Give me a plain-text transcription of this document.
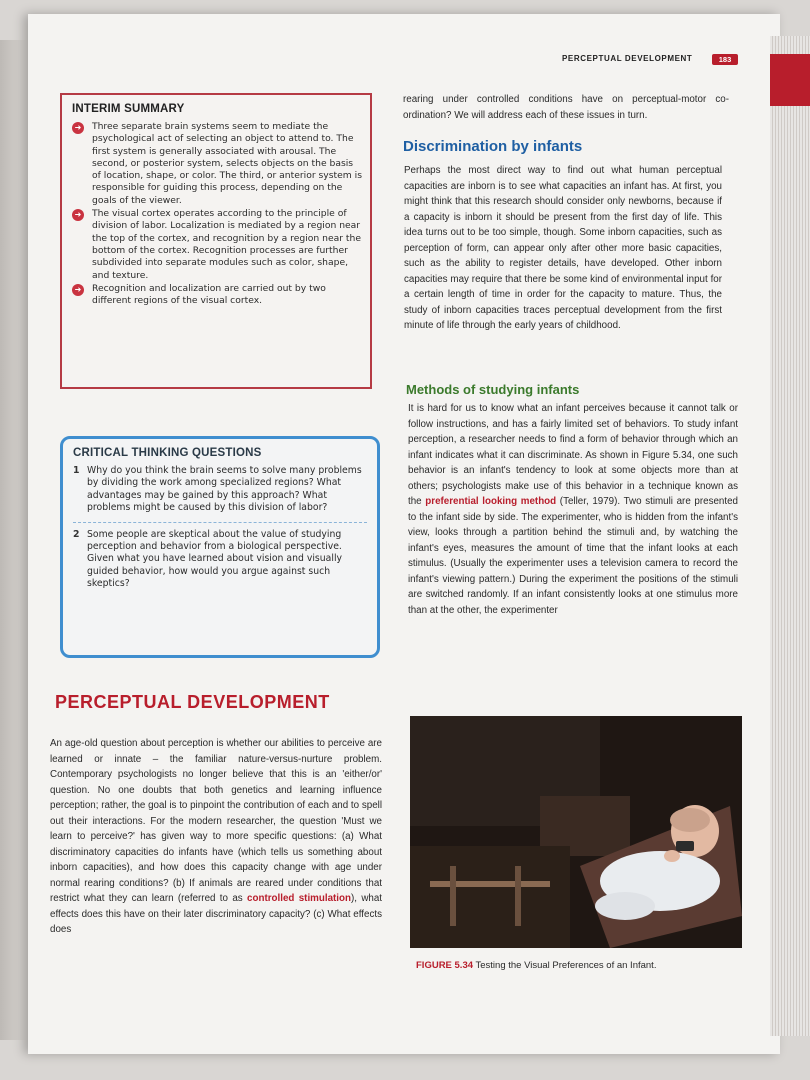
PERCEPTUAL DEVELOPMENT	183
INTERIM SUMMARY
➜ Three separate brain systems seem to mediate the psychological act of selecting an object to attend to. The first system is generally associated with arousal. The second, or posterior system, selects objects on the basis of location, shape, or color. The third, or anterior system is responsible for guiding this process, depending on the goals of the viewer.
➜ The visual cortex operates according to the principle of division of labor. Localization is mediated by a region near the top of the cortex, and recognition by a region near the bottom of the cortex. Recognition processes are further subdivided into separate modules such as color, shape, and texture.
➜ Recognition and localization are carried out by two different regions of the visual cortex.
CRITICAL THINKING QUESTIONS
1 Why do you think the brain seems to solve many problems by dividing the work among specialized regions? What advantages may be gained by this approach? What problems might be caused by this division of labor?
2 Some people are skeptical about the value of studying perception and behavior from a biological perspective. Given what you have learned about vision and visually guided behavior, how would you argue against such skeptics?
PERCEPTUAL DEVELOPMENT

An age-old question about perception is whether our abilities to perceive are learned or innate – the familiar nature-versus-nurture problem. Contemporary psychologists no longer believe that this is an 'either/or' question. No one doubts that both genetics and learning influence perception; rather, the goal is to pinpoint the contribution of each and to spell out their interactions. For the modern researcher, the question 'Must we learn to perceive?' has given way to more specific questions: (a) What discriminatory capacities do infants have (which tells us something about inborn capacities), and how does this capacity change with age under normal rearing conditions? (b) If animals are reared under conditions that restrict what they can learn (referred to as controlled stimulation), what effects does this have on their later discriminatory capacity? (c) What effects does

rearing under controlled conditions have on perceptual-motor co-ordination? We will address each of these issues in turn.

Discrimination by infants

Perhaps the most direct way to find out what human perceptual capacities are inborn is to see what capacities an infant has. At first, you might think that this research should consider only newborns, because if a capacity is inborn it should be present from the first day of life. This idea turns out to be too simple, though. Some inborn capacities, such as perception of form, can appear only after other more basic capacities, such as the ability to register details, have developed. Other inborn capacities may require that there be some kind of environmental input for a certain length of time in order for the capacity to mature. Thus, the study of inborn capacities traces perceptual development from the first minute of life through the early years of childhood.

Methods of studying infants

It is hard for us to know what an infant perceives because it cannot talk or follow instructions, and has a fairly limited set of behaviors. To study infant perception, a researcher needs to find a form of behavior through which an infant indicates what it can discriminate. As shown in Figure 5.34, one such behavior is an infant's tendency to look at some objects more than at others; psychologists make use of this behavior in a technique known as the preferential looking method (Teller, 1979). Two stimuli are presented to the infant side by side. The experimenter, who is hidden from the infant's view, looks through a partition behind the stimuli and, by watching the infant's eyes, measures the amount of time that the infant looks at each stimulus. (Usually the experimenter uses a television camera to record the infant's viewing pattern.) During the experiment the positions of the stimuli are switched randomly. If an infant consistently looks at one stimulus more than at the other, the experimenter

FIGURE 5.34 Testing the Visual Preferences of an Infant.
